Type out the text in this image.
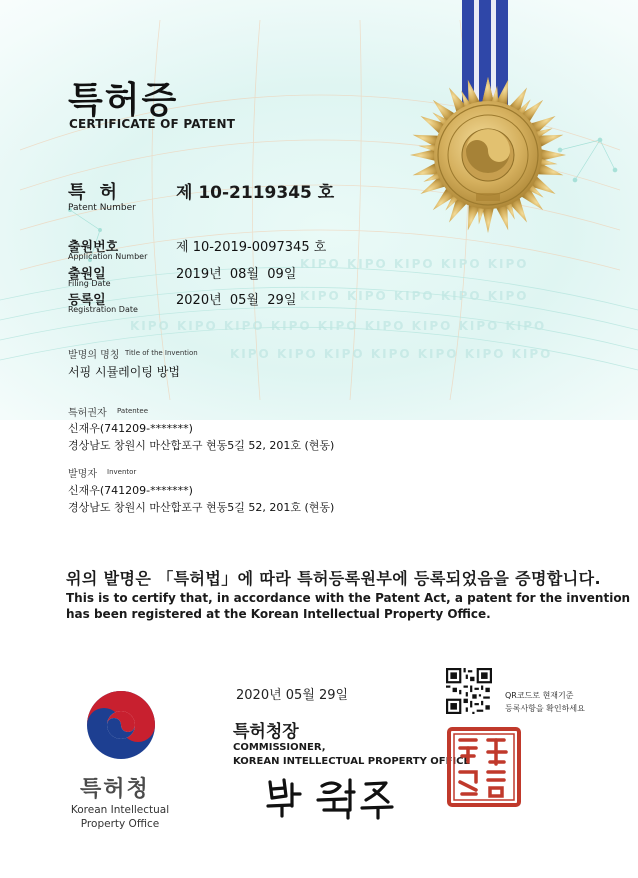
KIPO KIPO KIPO KIPO KIPO
KIPO KIPO KIPO KIPO KIPO
KIPO KIPO KIPO KIPO KIPO KIPO KIPO KIPO KIPO
KIPO KIPO KIPO KIPO KIPO KIPO KIPO
특허증
CERTIFICATE OF PATENT
특 허
Patent Number
제 10-2119345 호
출원번호
Application Number
제 10-2019-0097345 호
출원일
Filing Date
2019년  08월  09일
등록일
Registration Date
2020년  05월  29일
발명의 명칭 Title of the Invention
서핑 시뮬레이팅 방법
특허권자 Patentee
신재우(741209-*******)
경상남도 창원시 마산합포구 현동5길 52, 201호 (현동)
발명자 Inventor
신재우(741209-*******)
경상남도 창원시 마산합포구 현동5길 52, 201호 (현동)
위의 발명은 「특허법」에 따라 특허등록원부에 등록되었음을 증명합니다.
This is to certify that, in accordance with the Patent Act, a patent for the invention
has been registered at the Korean Intellectual Property Office.
QR코드로 현재기준
등록사항을 확인하세요
2020년 05월 29일
특허청장
COMMISSIONER,
KOREAN INTELLECTUAL PROPERTY OFFICE
특허청
Korean Intellectual
Property Office
